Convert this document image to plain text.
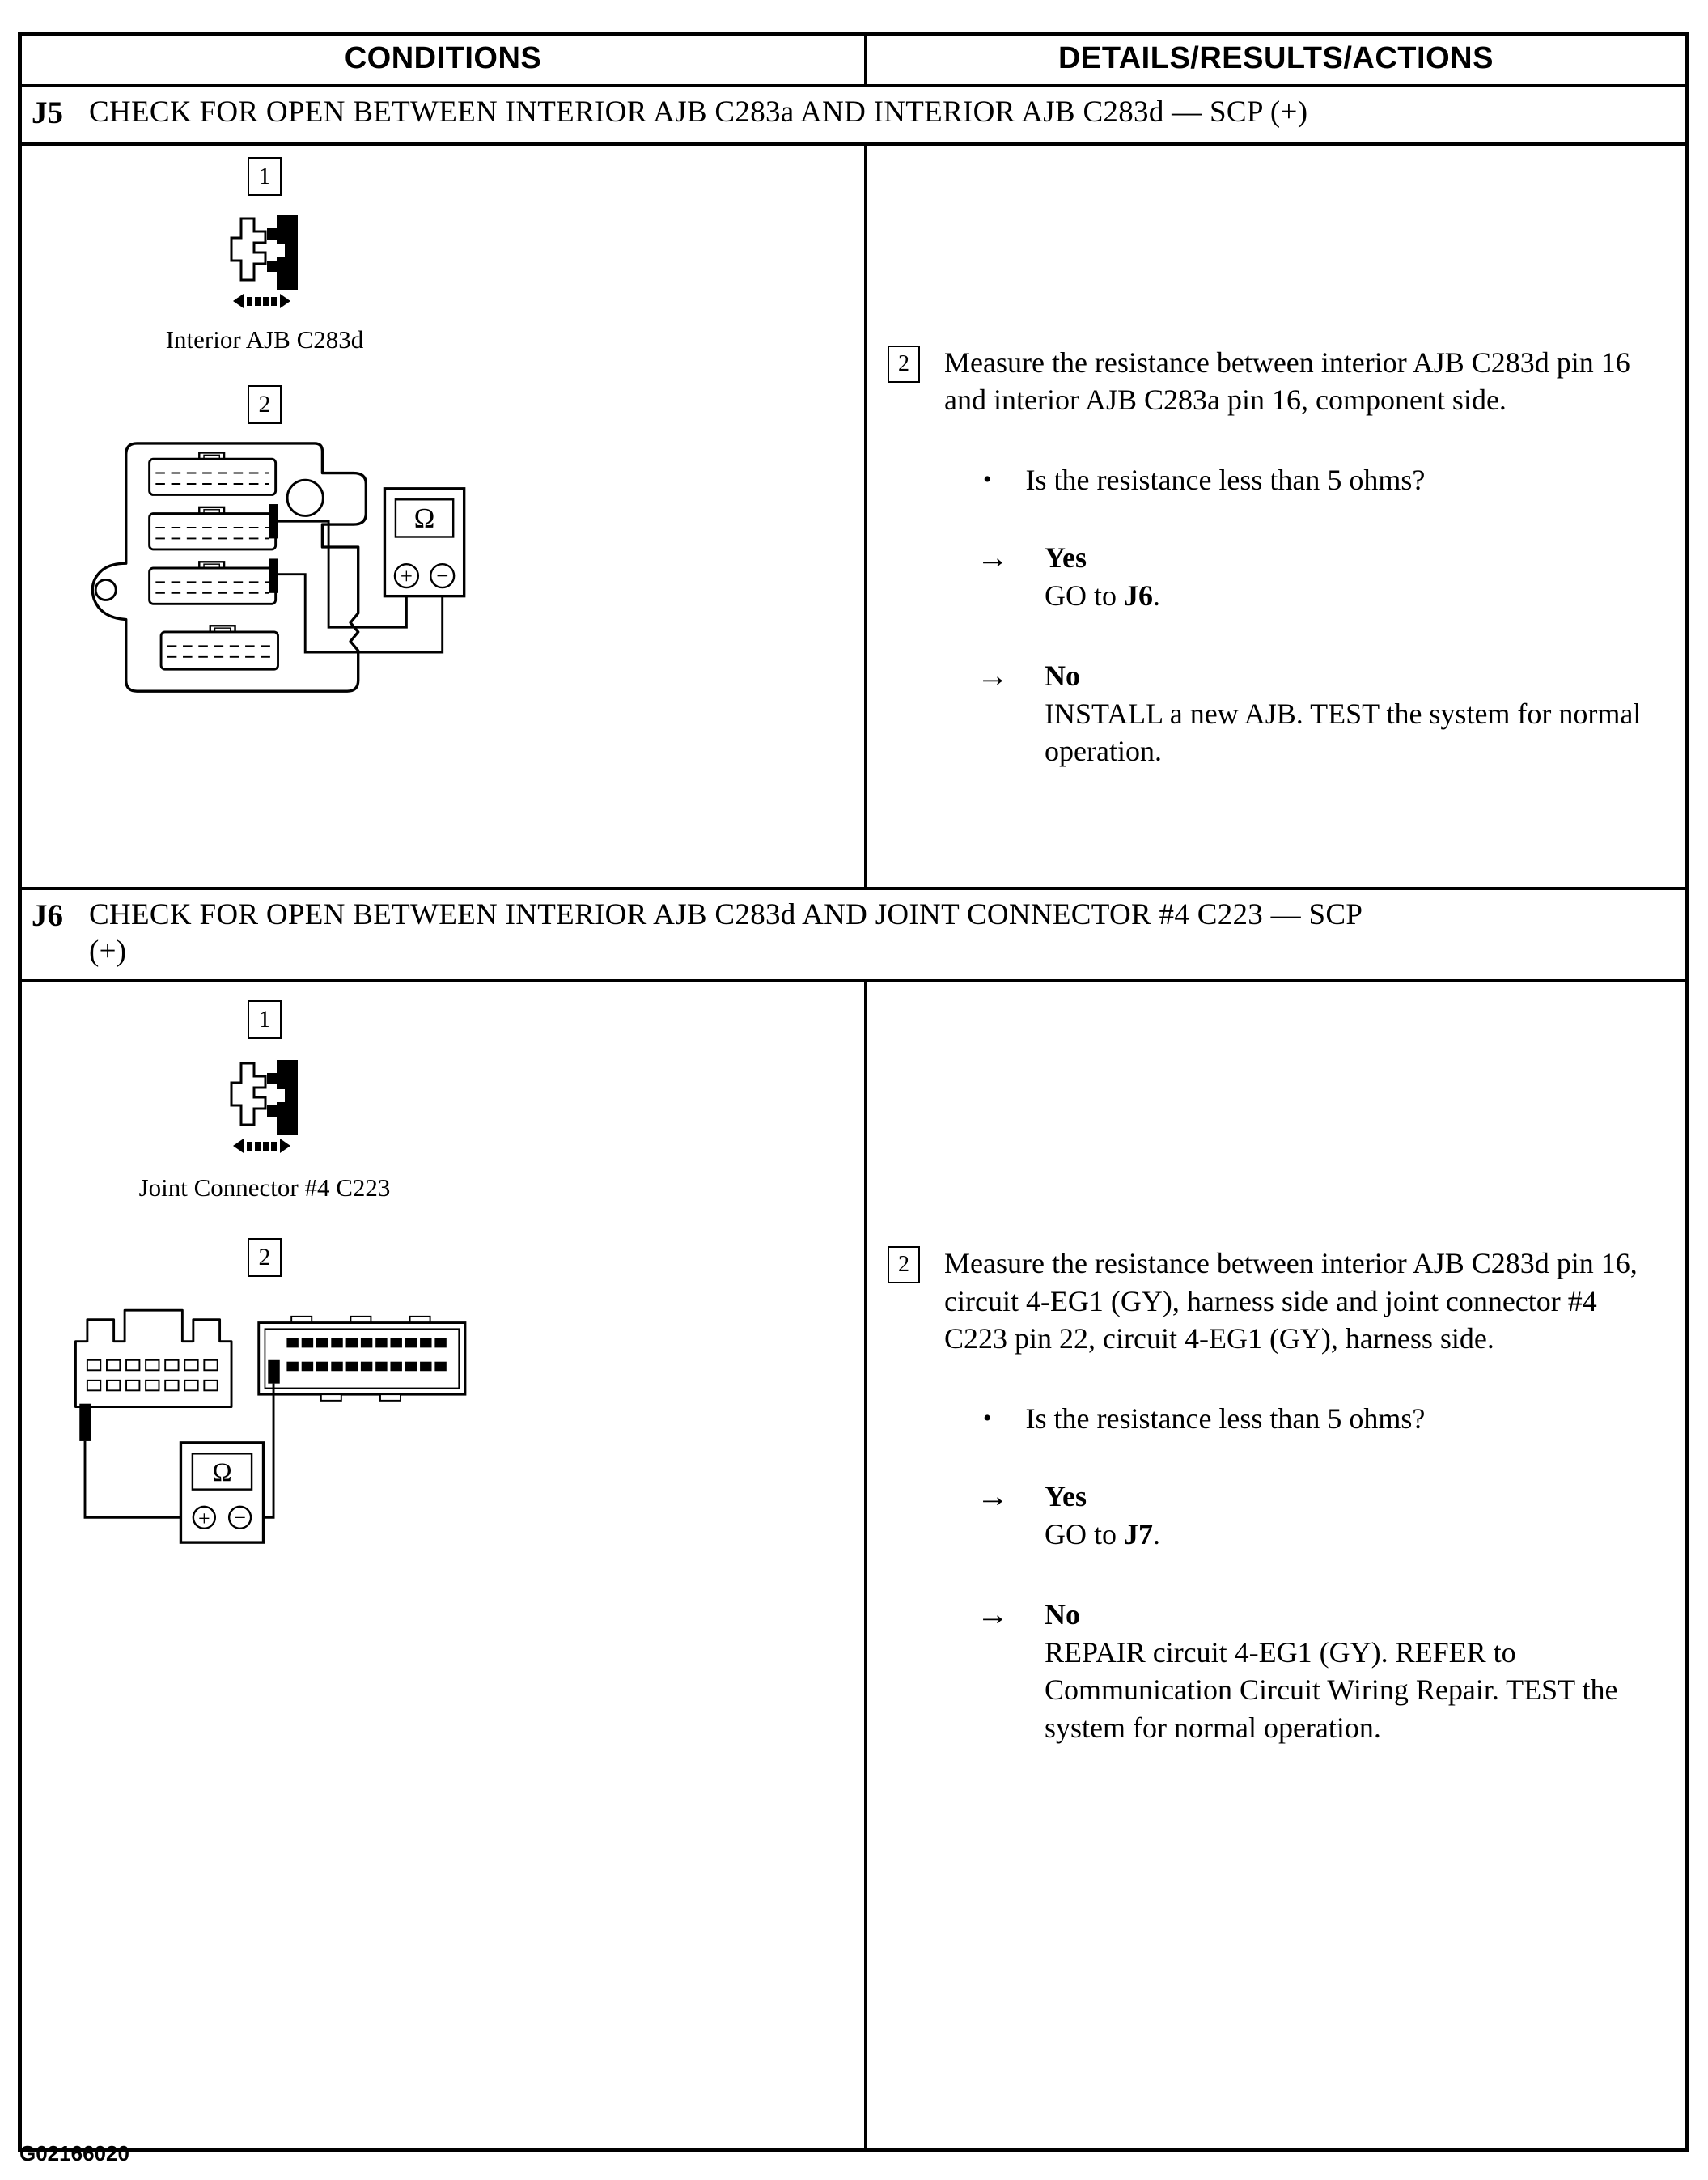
CONDITIONS	DETAILS/RESULTS/ACTIONS
J5 CHECK FOR OPEN BETWEEN INTERIOR AJB C283a AND INTERIOR AJB C283d — SCP (+)
1
Interior AJB C283d
2
Ω
+ −
2 Measure the resistance between interior AJB C283d pin 16 and interior AJB C283a pin 16, component side.

• Is the resistance less than 5 ohms?
→ Yes
GO to J6.
→ No
INSTALL a new AJB. TEST the system for normal operation.
J6 CHECK FOR OPEN BETWEEN INTERIOR AJB C283d AND JOINT CONNECTOR #4 C223 — SCP
(+)
1
Joint Connector #4 C223
2
Ω
+ −
2 Measure the resistance between interior AJB C283d pin 16, circuit 4-EG1 (GY), harness side and joint connector #4 C223 pin 22, circuit 4-EG1 (GY), harness side.

• Is the resistance less than 5 ohms?
→ Yes
GO to J7.
→ No
REPAIR circuit 4-EG1 (GY). REFER to Communication Circuit Wiring Repair. TEST the system for normal operation.
G02166020
